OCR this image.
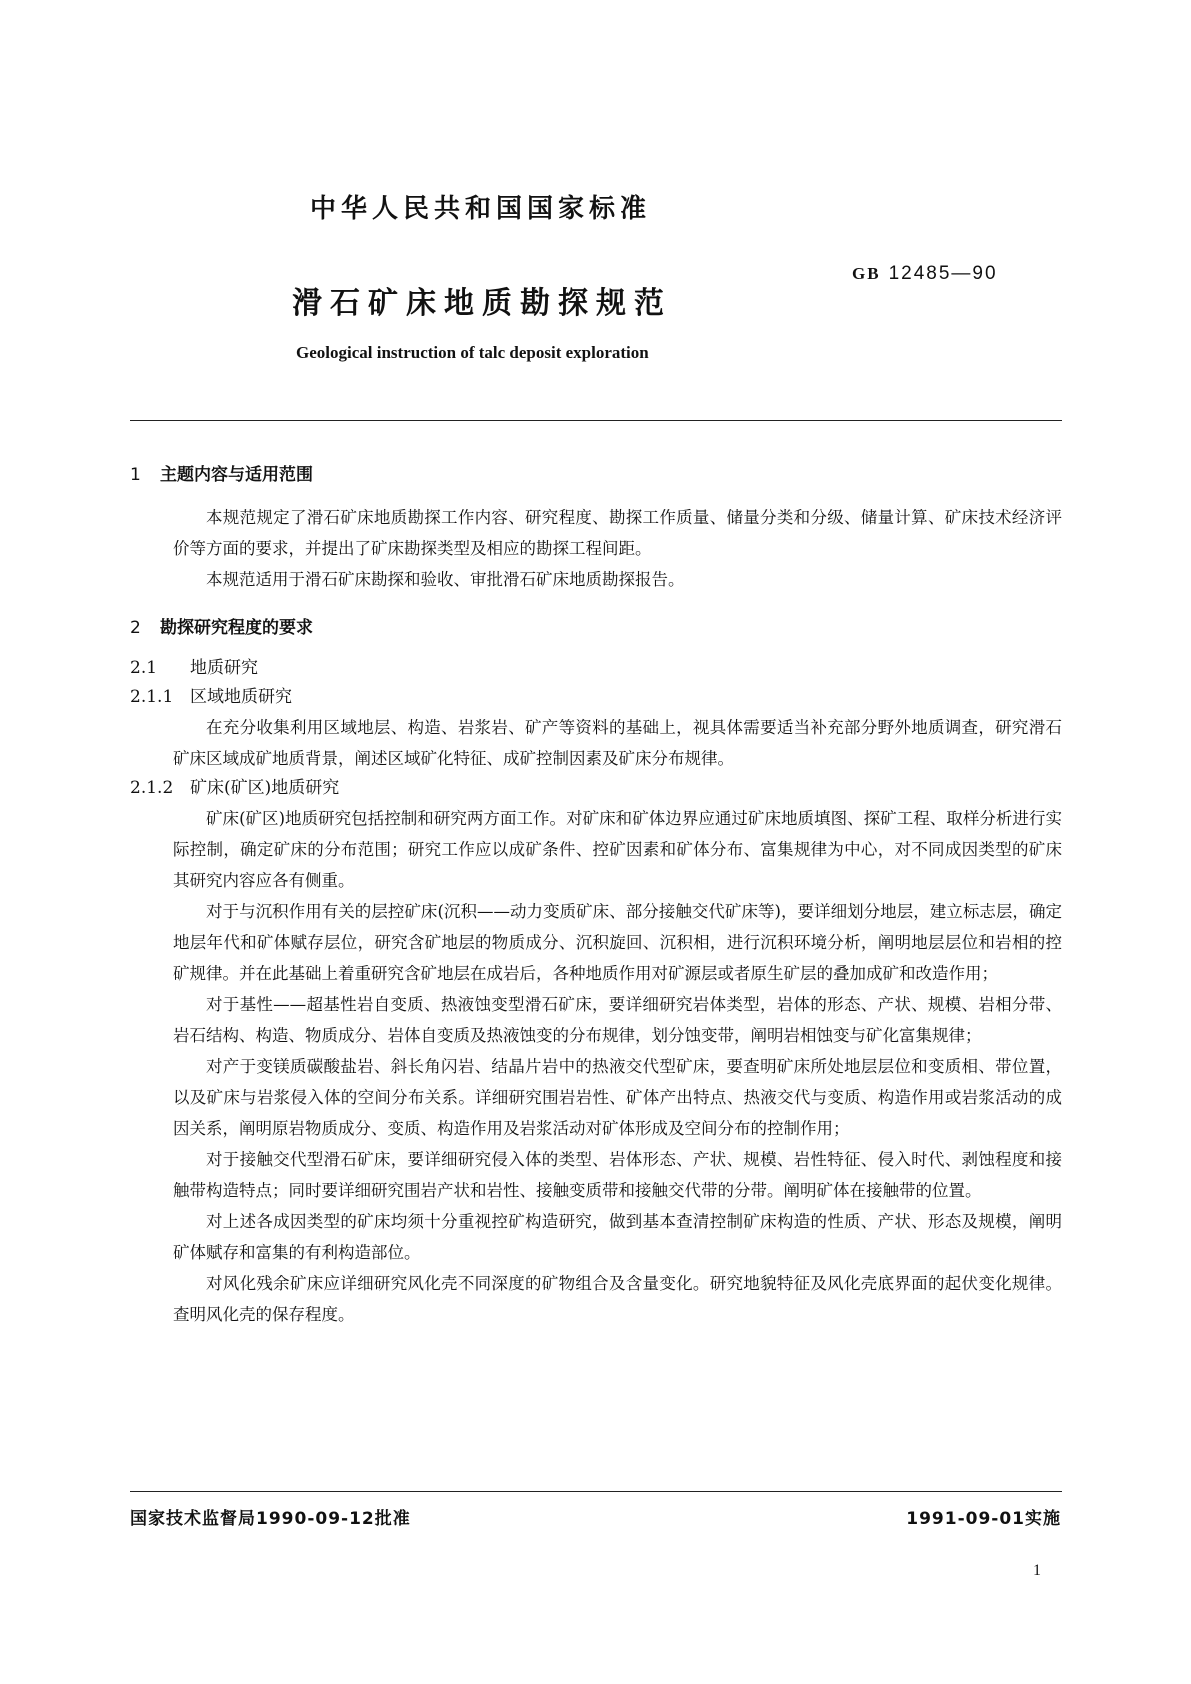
中华人民共和国国家标准

滑石矿床地质勘探规范

GB 12485—90

Geological instruction of talc deposit exploration

1 主题内容与适用范围

本规范规定了滑石矿床地质勘探工作内容、研究程度、勘探工作质量、储量分类和分级、储量计算、矿床技术经济评价等方面的要求，并提出了矿床勘探类型及相应的勘探工程间距。

本规范适用于滑石矿床勘探和验收、审批滑石矿床地质勘探报告。

2 勘探研究程度的要求

2.1 地质研究

2.1.1 区域地质研究

在充分收集利用区域地层、构造、岩浆岩、矿产等资料的基础上，视具体需要适当补充部分野外地质调查，研究滑石矿床区域成矿地质背景，阐述区域矿化特征、成矿控制因素及矿床分布规律。

2.1.2 矿床(矿区)地质研究

矿床(矿区)地质研究包括控制和研究两方面工作。对矿床和矿体边界应通过矿床地质填图、探矿工程、取样分析进行实际控制，确定矿床的分布范围；研究工作应以成矿条件、控矿因素和矿体分布、富集规律为中心，对不同成因类型的矿床其研究内容应各有侧重。

对于与沉积作用有关的层控矿床(沉积——动力变质矿床、部分接触交代矿床等)，要详细划分地层，建立标志层，确定地层年代和矿体赋存层位，研究含矿地层的物质成分、沉积旋回、沉积相，进行沉积环境分析，阐明地层层位和岩相的控矿规律。并在此基础上着重研究含矿地层在成岩后，各种地质作用对矿源层或者原生矿层的叠加成矿和改造作用；

对于基性——超基性岩自变质、热液蚀变型滑石矿床，要详细研究岩体类型，岩体的形态、产状、规模、岩相分带、岩石结构、构造、物质成分、岩体自变质及热液蚀变的分布规律，划分蚀变带，阐明岩相蚀变与矿化富集规律；

对产于变镁质碳酸盐岩、斜长角闪岩、结晶片岩中的热液交代型矿床，要查明矿床所处地层层位和变质相、带位置，以及矿床与岩浆侵入体的空间分布关系。详细研究围岩岩性、矿体产出特点、热液交代与变质、构造作用或岩浆活动的成因关系，阐明原岩物质成分、变质、构造作用及岩浆活动对矿体形成及空间分布的控制作用；

对于接触交代型滑石矿床，要详细研究侵入体的类型、岩体形态、产状、规模、岩性特征、侵入时代、剥蚀程度和接触带构造特点；同时要详细研究围岩产状和岩性、接触变质带和接触交代带的分带。阐明矿体在接触带的位置。

对上述各成因类型的矿床均须十分重视控矿构造研究，做到基本查清控制矿床构造的性质、产状、形态及规模，阐明矿体赋存和富集的有利构造部位。

对风化残余矿床应详细研究风化壳不同深度的矿物组合及含量变化。研究地貌特征及风化壳底界面的起伏变化规律。查明风化壳的保存程度。

国家技术监督局1990-09-12批准	1991-09-01实施

1
